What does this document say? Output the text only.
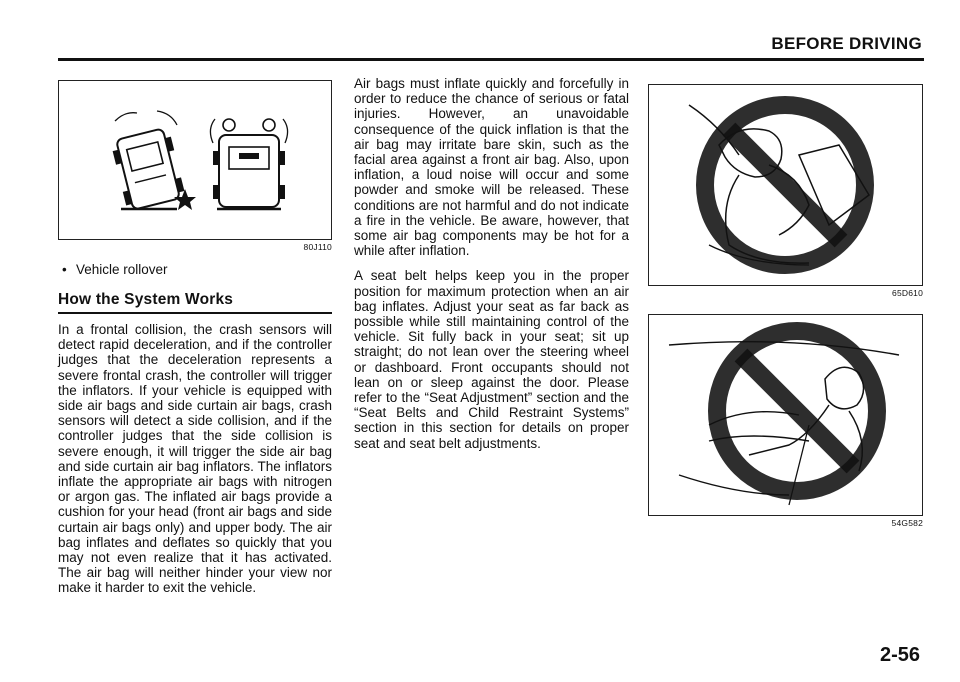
BEFORE DRIVING
80J110
• Vehicle rollover
How the System Works

In a frontal collision, the crash sensors will detect rapid deceleration, and if the controller judges that the deceleration represents a severe frontal crash, the controller will trigger the inflators. If your vehicle is equipped with side air bags and side curtain air bags, crash sensors will detect a side collision, and if the controller judges that the side collision is severe enough, it will trigger the side air bag and side curtain air bag inflators. The inflators inflate the appropriate air bags with nitrogen or argon gas. The inflated air bags provide a cushion for your head (front air bags and side curtain air bags only) and upper body. The air bag inflates and deflates so quickly that you may not even realize that it has activated. The air bag will neither hinder your view nor make it harder to exit the vehicle.

Air bags must inflate quickly and forcefully in order to reduce the chance of serious or fatal injuries. However, an unavoidable consequence of the quick inflation is that the air bag may irritate bare skin, such as the facial area against a front air bag. Also, upon inflation, a loud noise will occur and some powder and smoke will be released. These conditions are not harmful and do not indicate a fire in the vehicle. Be aware, however, that some air bag components may be hot for a while after inflation.

A seat belt helps keep you in the proper position for maximum protection when an air bag inflates. Adjust your seat as far back as possible while still maintaining control of the vehicle. Sit fully back in your seat; sit up straight; do not lean over the steering wheel or dashboard. Front occupants should not lean on or sleep against the door. Please refer to the “Seat Adjustment” section and the “Seat Belts and Child Restraint Systems” section in this section for details on proper seat and seat belt adjustments.

65D610
54G582
2-56
